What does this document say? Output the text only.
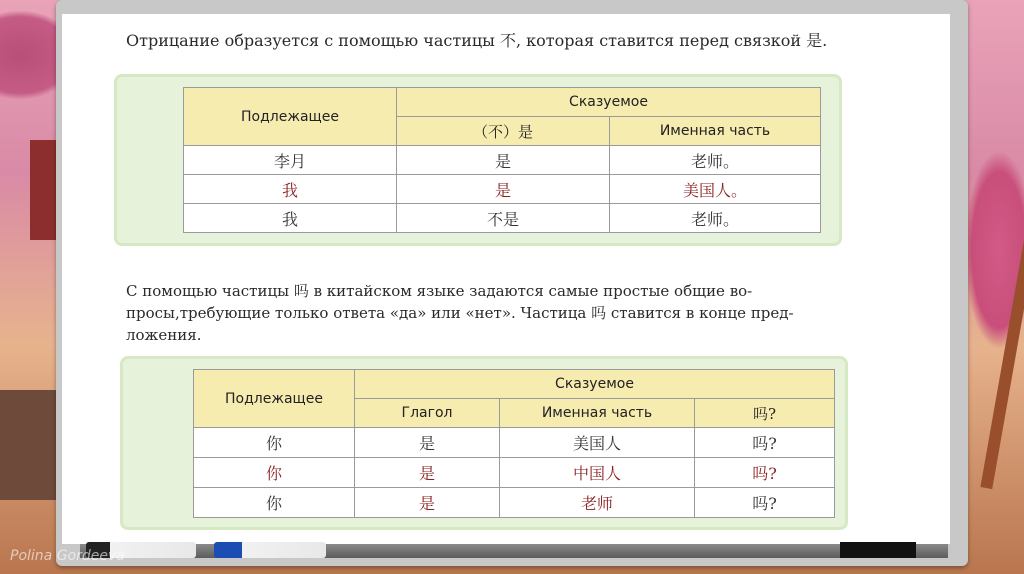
Отрицание образуется с помощью частицы 不, которая ставится перед связкой 是.
Подлежащее	Сказуемое	
	（不）是	Именная часть
李月	是	老师。
我	是	美国人。
我	不是	老师。

С помощью частицы 吗 в китайском языке задаются самые простые общие во-

просы,требующие только ответа «да» или «нет». Частица 吗 ставится в конце пред-

ложения.

Подлежащее	Сказуемое		
	Глагол	Именная часть	吗?
你	是	美国人	吗?
你	是	中国人	吗?
你	是	老师	吗?
Polina Gordeeva
